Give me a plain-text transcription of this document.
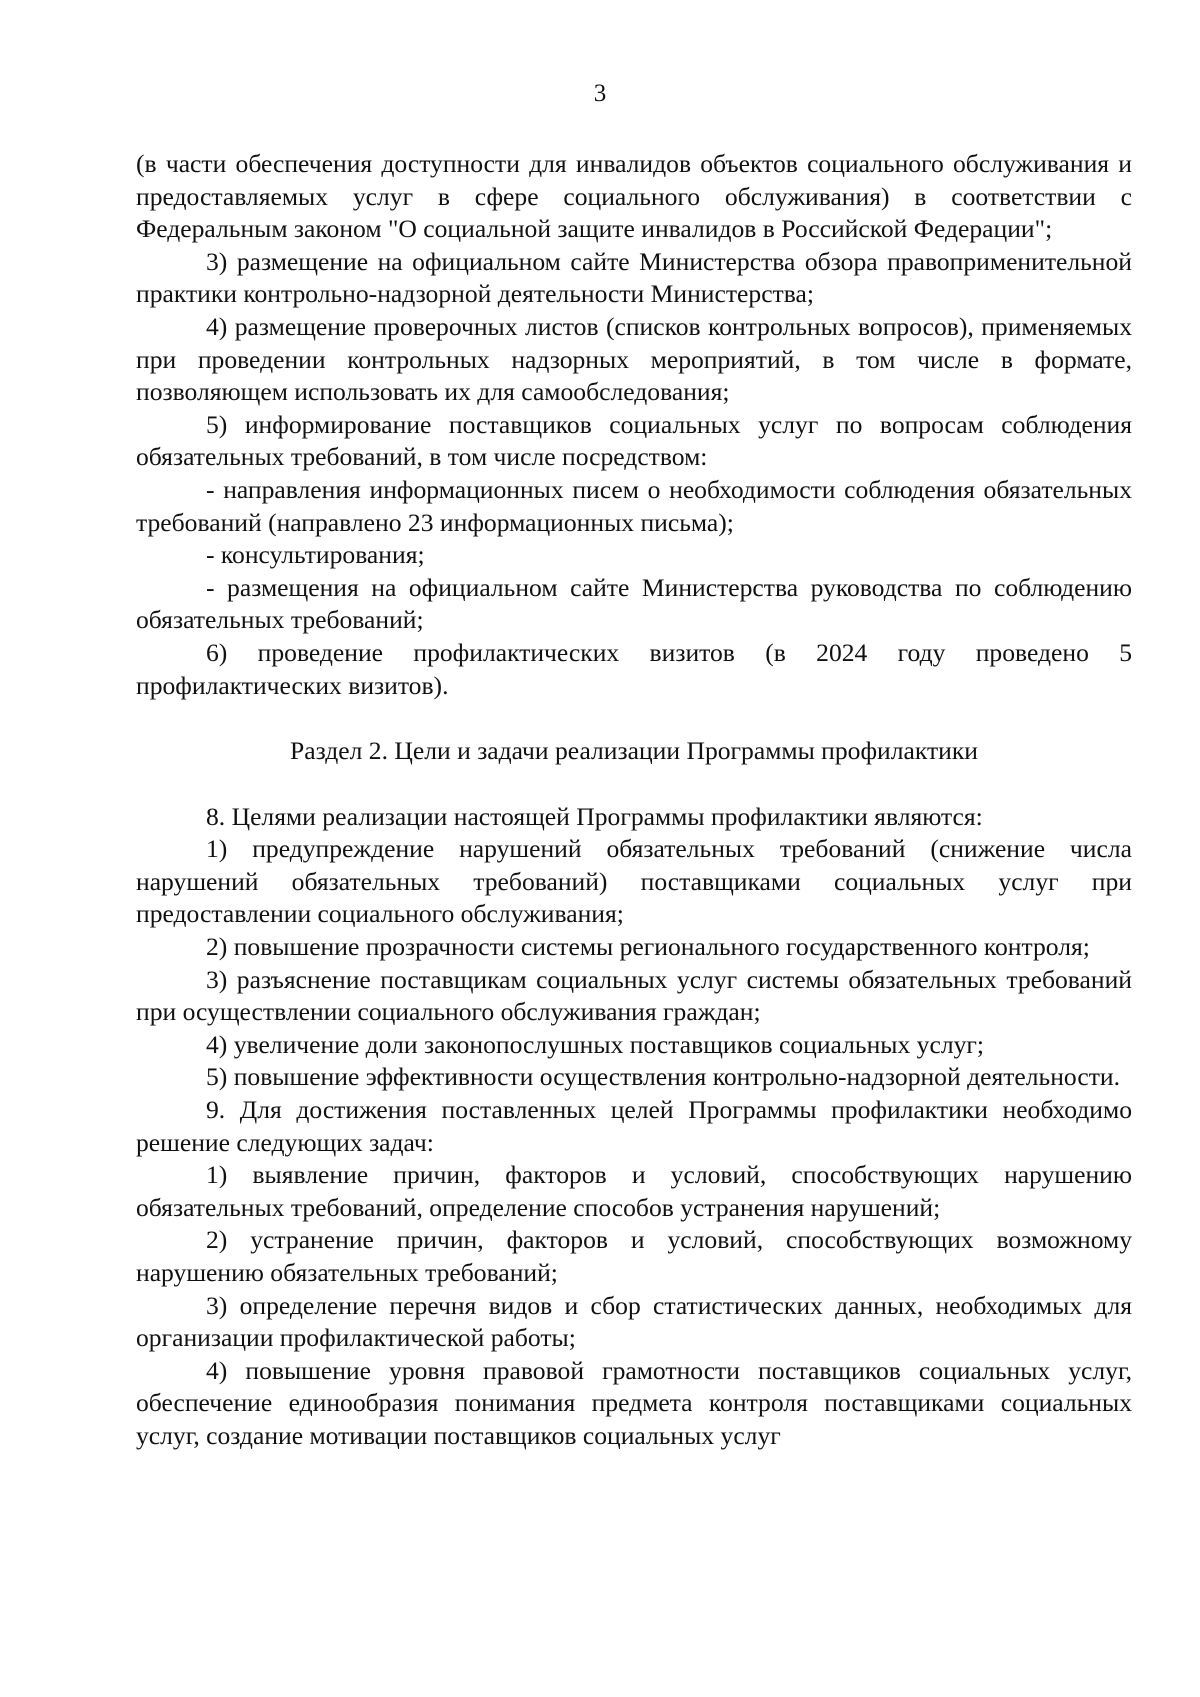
3

(в части обеспечения доступности для инвалидов объектов социального обслуживания и предоставляемых услуг в сфере социального обслуживания) в соответствии с Федеральным законом "О социальной защите инвалидов в Российской Федерации";

3) размещение на официальном сайте Министерства обзора правоприменительной практики контрольно-надзорной деятельности Министерства;

4) размещение проверочных листов (списков контрольных вопросов), применяемых при проведении контрольных надзорных мероприятий, в том числе в формате, позволяющем использовать их для самообследования;

5) информирование поставщиков социальных услуг по вопросам соблюдения обязательных требований, в том числе посредством:

- направления информационных писем о необходимости соблюдения обязательных требований (направлено 23 информационных письма);

- консультирования;

- размещения на официальном сайте Министерства руководства по соблюдению обязательных требований;

6) проведение профилактических визитов (в 2024 году проведено 5 профилактических визитов).

Раздел 2. Цели и задачи реализации Программы профилактики

8. Целями реализации настоящей Программы профилактики являются:

1) предупреждение нарушений обязательных требований (снижение числа нарушений обязательных требований) поставщиками социальных услуг при предоставлении социального обслуживания;

2) повышение прозрачности системы регионального государственного контроля;

3) разъяснение поставщикам социальных услуг системы обязательных требований при осуществлении социального обслуживания граждан;

4) увеличение доли законопослушных поставщиков социальных услуг;

5) повышение эффективности осуществления контрольно-надзорной деятельности.

9. Для достижения поставленных целей Программы профилактики необходимо решение следующих задач:

1) выявление причин, факторов и условий, способствующих нарушению обязательных требований, определение способов устранения нарушений;

2) устранение причин, факторов и условий, способствующих возможному нарушению обязательных требований;

3) определение перечня видов и сбор статистических данных, необходимых для организации профилактической работы;

4) повышение уровня правовой грамотности поставщиков социальных услуг, обеспечение единообразия понимания предмета контроля поставщиками социальных услуг, создание мотивации поставщиков социальных услуг
